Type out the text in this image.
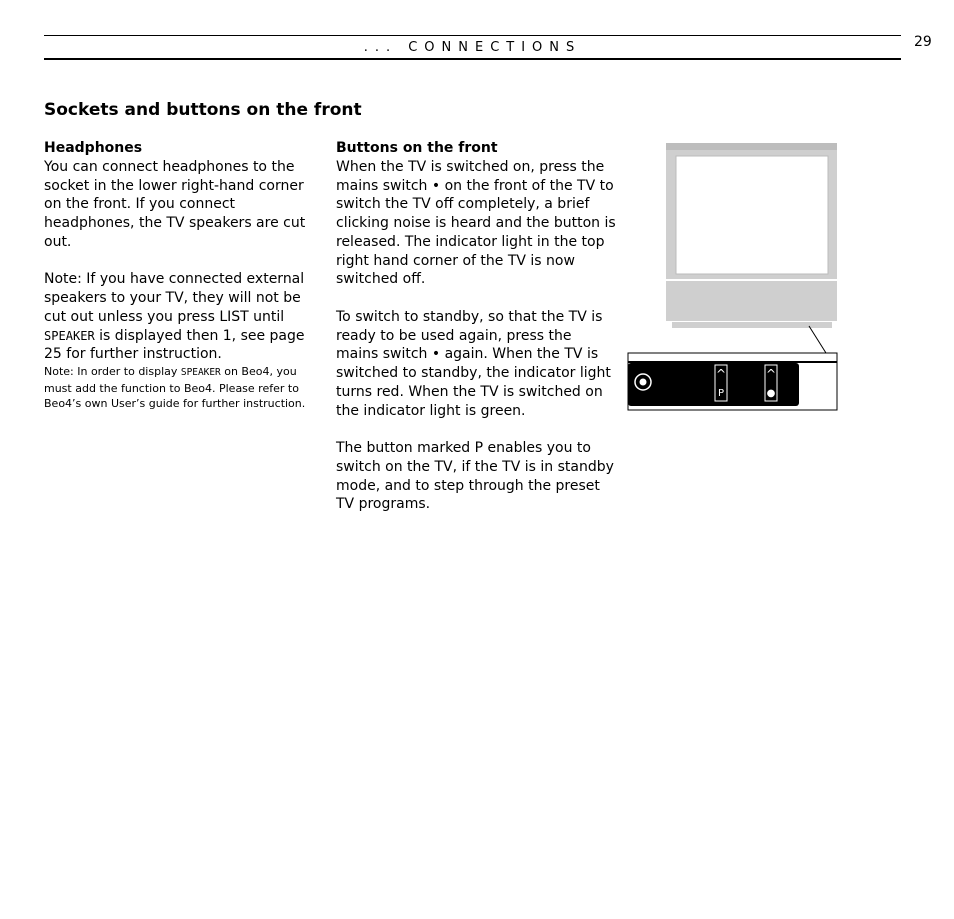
... CONNECTIONS	29
Sockets and buttons on the front
Headphones

You can connect headphones to the socket in the lower right-hand corner on the front. If you connect headphones, the TV speakers are cut out.

Note: If you have connected external speakers to your TV, they will not be cut out unless you press LIST until SPEAKER is displayed then 1, see page 25 for further instruction.

Note: In order to display SPEAKER on Beo4, you must add the function to Beo4. Please refer to Beo4’s own User’s guide for further instruction.

Buttons on the front

When the TV is switched on, press the mains switch • on the front of the TV to switch the TV off completely, a brief clicking noise is heard and the button is released. The indicator light in the top right hand corner of the TV is now switched off.

To switch to standby, so that the TV is ready to be used again, press the mains switch • again. When the TV is switched to standby, the indicator light turns red. When the TV is switched on the indicator light is green.

The button marked P enables you to switch on the TV, if the TV is in standby mode, and to step through the preset TV programs.

^
P
^
●
